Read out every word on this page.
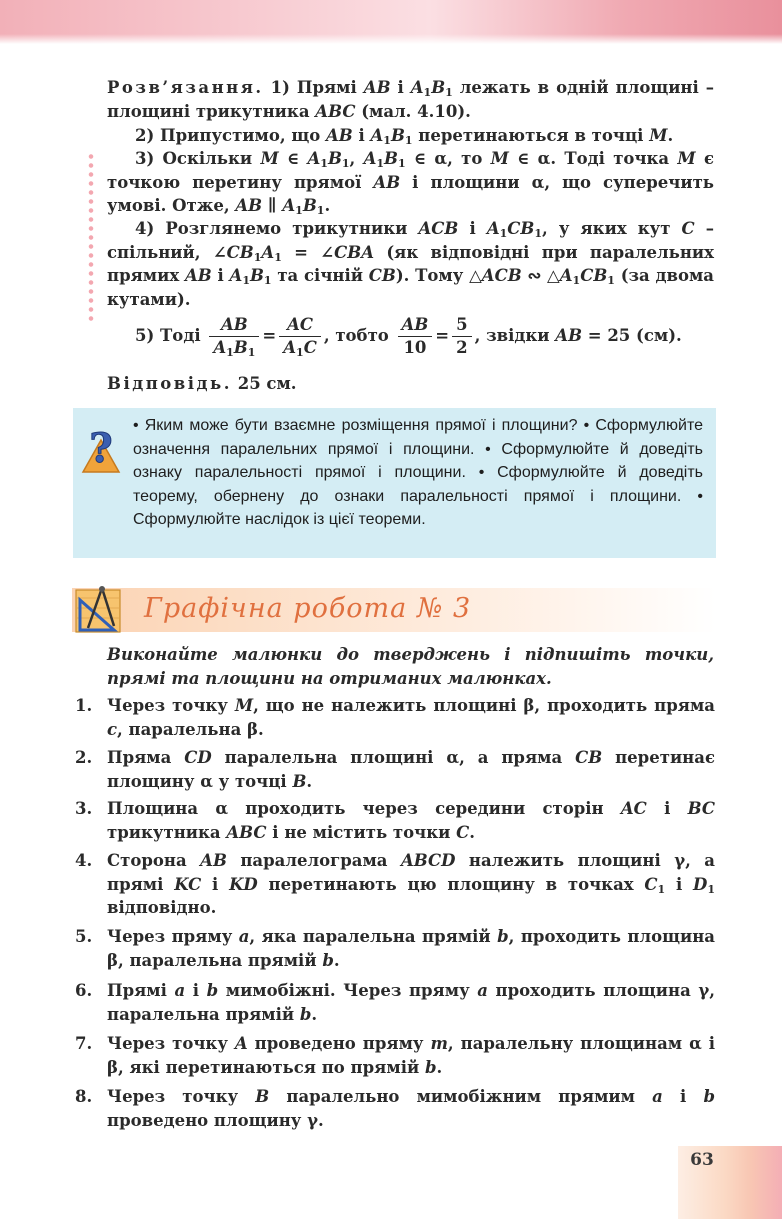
Розв’язання. 1) Прямі AB і $A_1B_1$ лежать в одній площині – площині трикутника ABC (мал. 4.10).
2) Припустимо, що AB і $A_1B_1$ перетинаються в точці M.
3) Оскільки M ∈ $A_1B_1$, $A_1B_1$ ∈ α, то M ∈ α. Тоді точка M є точкою перетину прямої AB і площини α, що суперечить умові. Отже, AB ∥ $A_1B_1$.
4) Розглянемо трикутники ACB і $A_1CB_1$, у яких кут C – спільний, $\angle CB_1A_1$ = ∠CBA (як відповідні при паралельних прямих AB і $A_1B_1$ та січній CB). Тому △ACB ∾ $\triangle A_1CB_1$ (за двома кутами).
5) Тоді $\frac{AB}{A_1B_1} = \frac{AC}{A_1C}$ , тобто $\frac{AB}{10} = \frac{5}{2}$ , звідки AB = 25 (см).
Відповідь. 25 см.
? • Яким може бути взаємне розміщення прямої і площини? • Сформулюйте означення паралельних прямої і площини. • Сформулюйте й доведіть ознаку паралельності прямої і площини. • Сформулюйте й доведіть теорему, обернену до ознаки паралельності прямої і площини. • Сформулюйте наслідок із цієї теореми.
Графічна робота № 3
Виконайте малюнки до тверджень і підпишіть точки, прямі та площини на отриманих малюнках.
1. Через точку M, що не належить площині β, проходить пряма c, паралельна β.
2. Пряма CD паралельна площині α, а пряма CB перетинає площину α у точці B.
3. Площина α проходить через середини сторін AC і BC трикутника ABC і не містить точки C.
4. Сторона AB паралелограма ABCD належить площині γ, а прямі KC і KD перетинають цю площину в точках $C_1$ і $D_1$ відповідно.
5. Через пряму a, яка паралельна прямій b, проходить площина β, паралельна прямій b.
6. Прямі a і b мимобіжні. Через пряму a проходить площина γ, паралельна прямій b.
7. Через точку A проведено пряму m, паралельну площинам α і β, які перетинаються по прямій b.
8. Через точку B паралельно мимобіжним прямим a і b проведено площину γ.
63
